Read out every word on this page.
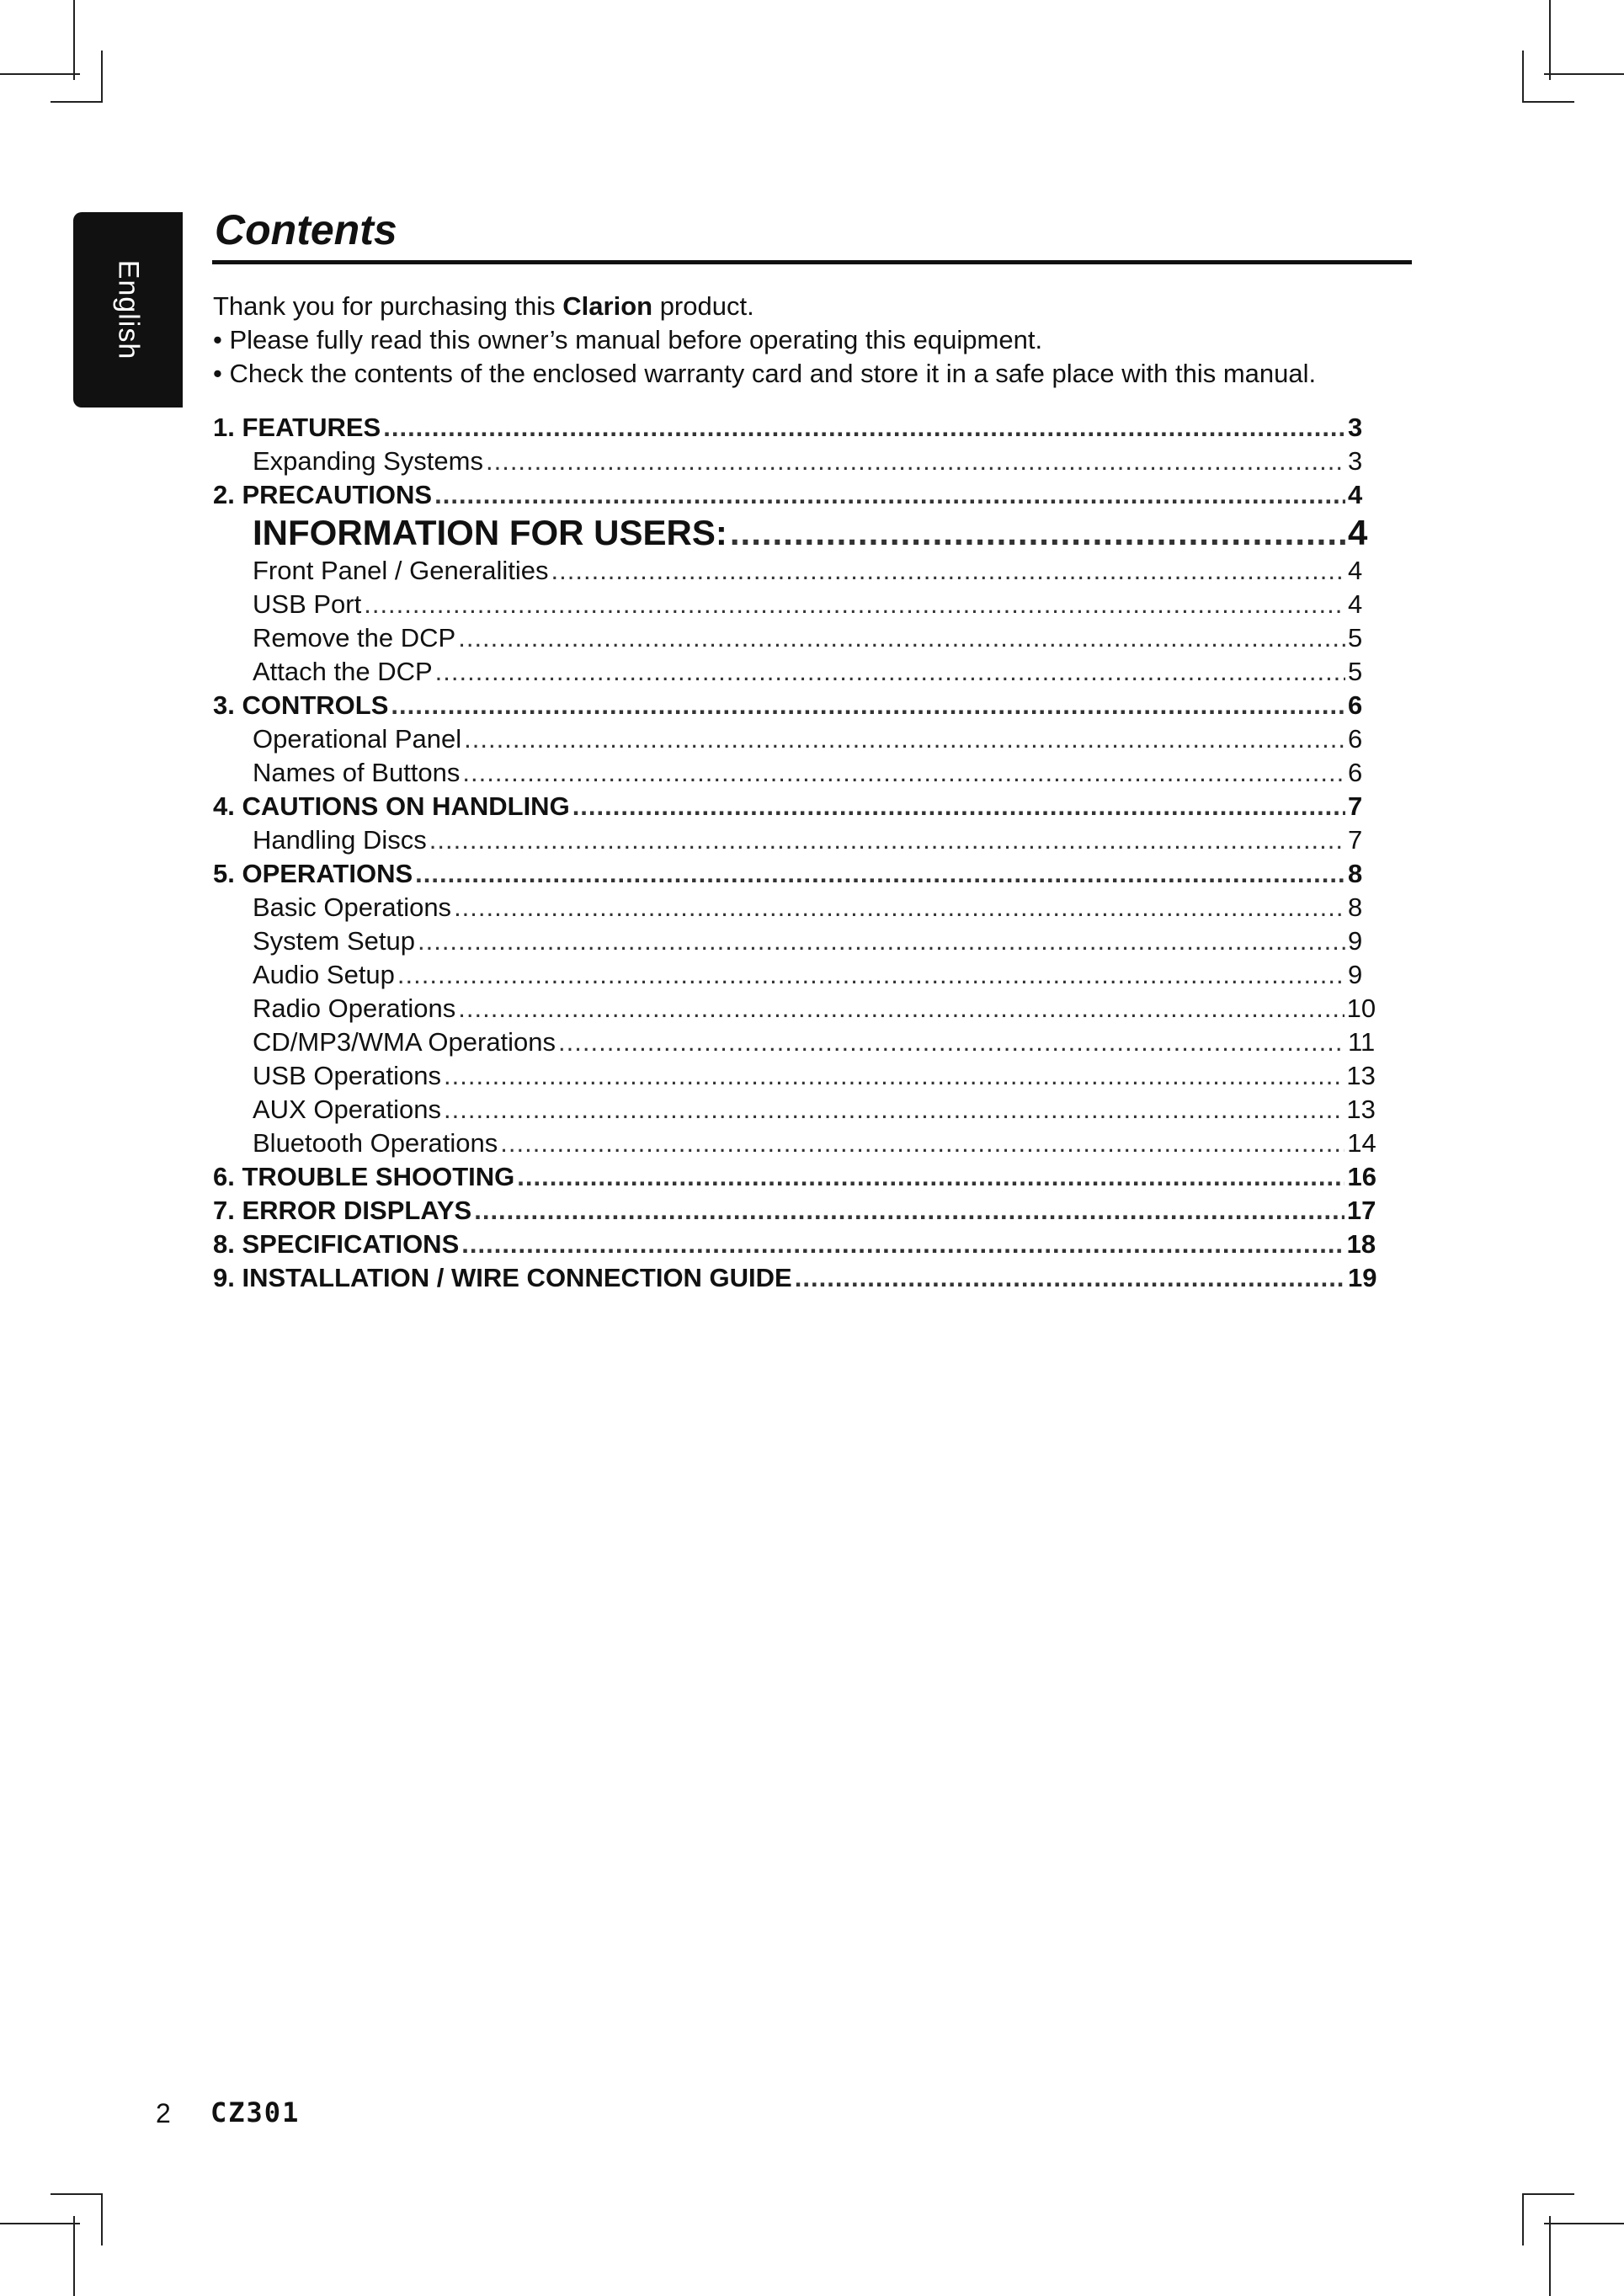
English
Contents

Thank you for purchasing this Clarion product.

• Please fully read this owner’s manual before operating this equipment.

• Check the contents of the enclosed warranty card and store it in a safe place with this manual.

1. FEATURES .....	3
Expanding Systems .....	3
2. PRECAUTIONS .....	4
INFORMATION FOR USERS: .....	4
Front Panel / Generalities .....	4
USB Port .....	4
Remove the DCP .....	5
Attach the DCP .....	5
3. CONTROLS .....	6
Operational Panel .....	6
Names of Buttons .....	6
4. CAUTIONS ON HANDLING .....	7
Handling Discs .....	7
5. OPERATIONS .....	8
Basic Operations .....	8
System Setup .....	9
Audio Setup .....	9
Radio Operations .....	10
CD/MP3/WMA Operations .....	11
USB Operations .....	13
AUX Operations .....	13
Bluetooth Operations .....	14
6. TROUBLE SHOOTING .....	16
7. ERROR DISPLAYS .....	17
8. SPECIFICATIONS .....	18
9. INSTALLATION / WIRE CONNECTION GUIDE .....	19
2 CZ301
